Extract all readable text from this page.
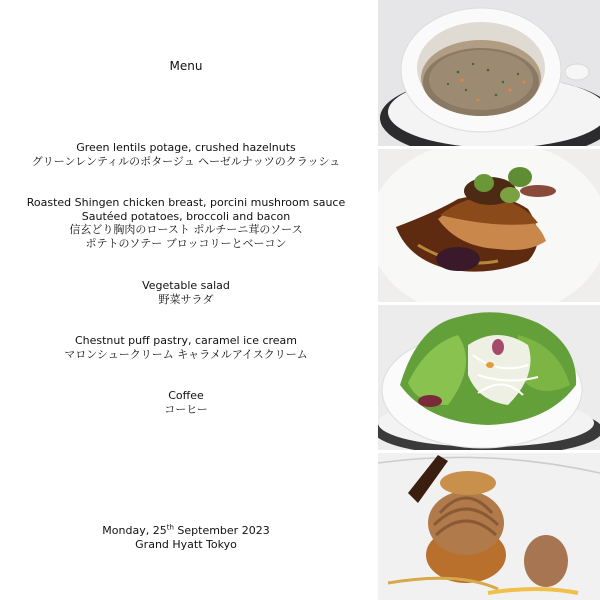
Menu
Green lentils potage, crushed hazelnuts
グリーンレンティルのポタージュ ヘーゼルナッツのクラッシュ
Roasted Shingen chicken breast, porcini mushroom sauce
Sautéed potatoes, broccoli and bacon
信玄どり胸肉のロースト ポルチーニ茸のソース
ポテトのソテー ブロッコリーとベーコン
Vegetable salad
野菜サラダ
Chestnut puff pastry, caramel ice cream
マロンシュークリーム キャラメルアイスクリーム
Coffee
コーヒー
Monday, 25th September 2023
Grand Hyatt Tokyo
